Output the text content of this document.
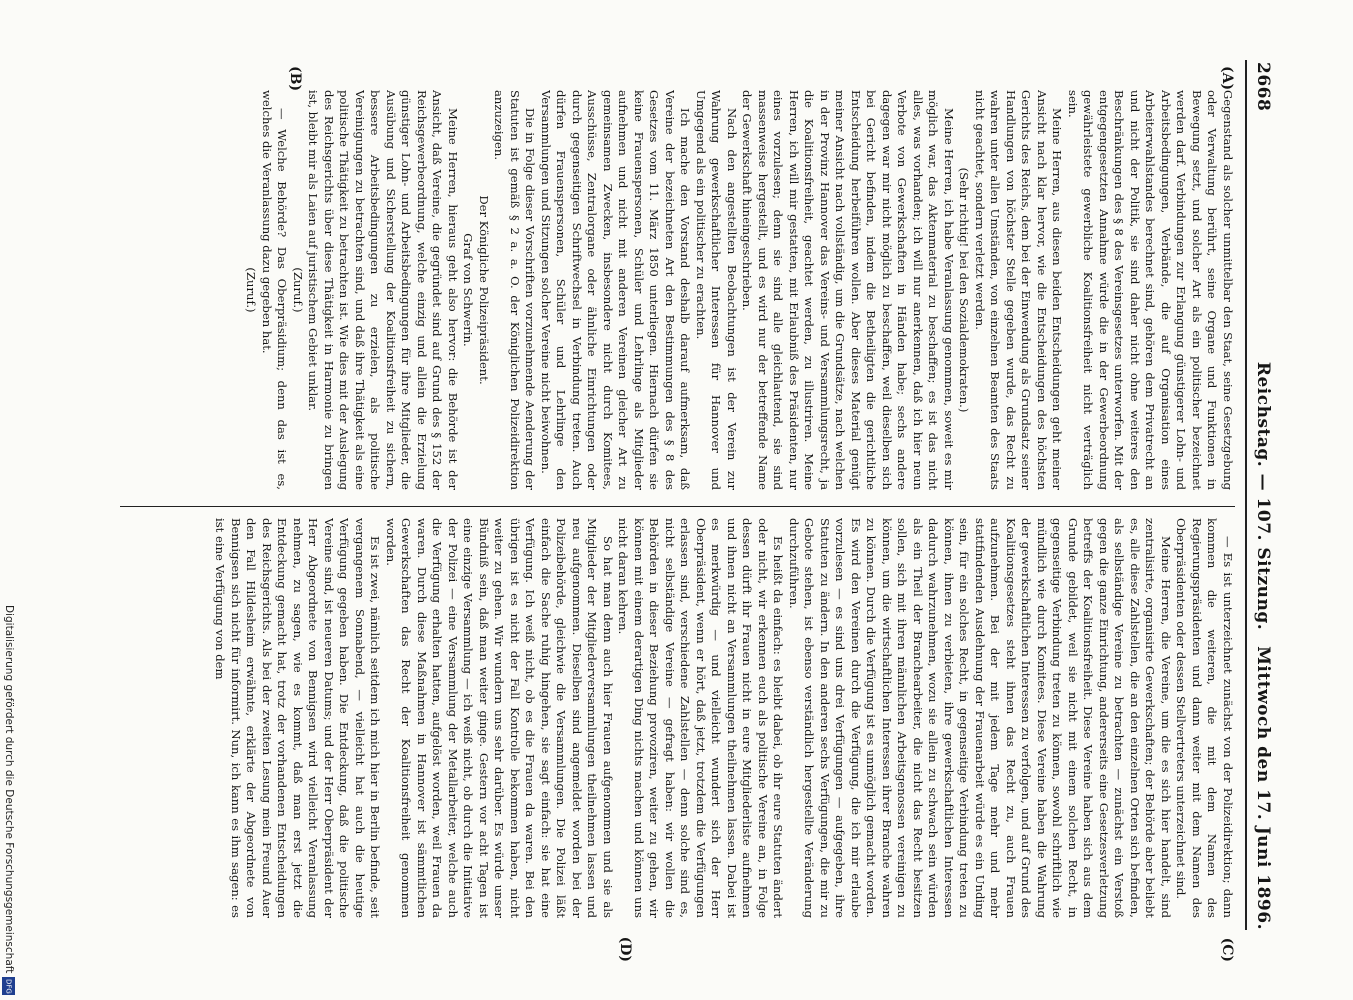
2668
Reichstag. — 107. Sitzung.
Mittwoch den 17. Juni 1896.
(A)
(B)
(C)
(D)

Gegenstand als solcher unmittelbar den Staat, seine Gesetzgebung oder Verwaltung berührt, seine Organe und Funktionen in Bewegung setzt, und solcher Art als ein politischer bezeichnet werden darf. Verbindungen zur Erlangung günstigerer Lohn- und Arbeitsbedingungen, Verbände, die auf Organisation eines Arbeiterwahlstandes berechnet sind, gehören dem Privatrecht an und nicht der Politik, sie sind daher nicht ohne weiteres den Beschränkungen des § 8 des Vereinsgesetzes unterworfen. Mit der entgegengesetzten Annahme würde die in der Gewerbeordnung gewährleistete gewerbliche Koalitionsfreiheit nicht verträglich sein.

Meine Herren, aus diesen beiden Entscheidungen geht meiner Ansicht nach klar hervor, wie die Entscheidungen des höchsten Gerichts des Reichs, dem bei der Einwendung als Grundsatz seiner Handlungen von höchster Stelle gegeben wurde, das Recht zu wahren unter allen Umständen, von einzelnen Beamten des Staats nicht geachtet, sondern verletzt werden.

(Sehr richtig! bei den Sozialdemokraten.)

Meine Herren, ich habe Veranlassung genommen, soweit es mir möglich war, das Aktenmaterial zu beschaffen; es ist das nicht alles, was vorhanden; ich will nur anerkennen, daß ich hier neun Verbote von Gewerkschaften in Händen habe; sechs andere dagegen war mir nicht möglich zu beschaffen, weil dieselben sich bei Gericht befinden, indem die Betheiligten die gerichtliche Entscheidung herbeiführen wollen. Aber dieses Material genügt meiner Ansicht nach vollständig, um die Grundsätze, nach welchen in der Provinz Hannover das Vereins- und Versammlungsrecht, ja die Koalitionsfreiheit, geachtet werden, zu illustriren. Meine Herren, ich will mir gestatten, mit Erlaubniß des Präsidenten, nur eines vorzulesen; denn sie sind alle gleichlautend, sie sind massenweise hergestellt, und es wird nur der betreffende Name der Gewerkschaft hineingeschrieben.

Nach den angestellten Beobachtungen ist der Verein zur Wahrung gewerkschaftlicher Interessen für Hannover und Umgegend als ein politischer zu erachten.

Ich mache den Vorstand deshalb darauf aufmerksam, daß Vereine der bezeichneten Art den Bestimmungen des § 8 des Gesetzes vom 11. März 1850 unterliegen. Hiernach dürfen sie keine Frauenspersonen, Schüler und Lehrlinge als Mitglieder aufnehmen und nicht mit anderen Vereinen gleicher Art zu gemeinsamen Zwecken, insbesondere nicht durch Komitees, Ausschüsse, Zentralorgane oder ähnliche Einrichtungen oder durch gegenseitigen Schriftwechsel in Verbindung treten. Auch dürfen Frauenspersonen, Schüler und Lehrlinge den Versammlungen und Sitzungen solcher Vereine nicht beiwohnen.

Die in Folge dieser Vorschriften vorzunehmende Aenderung der Statuten ist gemäß § 2 a. a. O. der Königlichen Polizeidirektion anzuzeigen.

Der Königliche Polizeipräsident.

Graf von Schwerin.

Meine Herren, hieraus geht also hervor: die Behörde ist der Ansicht, daß Vereine, die gegründet sind auf Grund des § 152 der Reichsgewerbeordnung, welche einzig und allein die Erzielung günstiger Lohn- und Arbeitsbedingungen für ihre Mitglieder, die Ausübung und Sicherstellung der Koalitionsfreiheit zu sichern, bessere Arbeitsbedingungen zu erzielen, als politische Vereinigungen zu betrachten sind, und daß ihre Thätigkeit als eine politische Thätigkeit zu betrachten ist. Wie dies mit der Auslegung des Reichsgerichts über diese Thätigkeit in Harmonie zu bringen ist, bleibt mir als Laien auf juristischem Gebiet unklar.

(Zuruf.)

— Welche Behörde? Das Oberpräsidium; denn das ist es, welches die Veranlassung dazu gegeben hat.

(Zuruf.)

— Es ist unterzeichnet zunächst von der Polizeidirektion; dann kommen die weiteren, die mit dem Namen des Regierungspräsidenten und dann weiter mit dem Namen des Oberpräsidenten oder dessen Stellvertreters unterzeichnet sind.

Meine Herren, die Vereine, um die es sich hier handelt, sind zentralisirte, organisirte Gewerkschaften; der Behörde aber beliebt es, alle diese Zahlstellen, die an den einzelnen Orten sich befinden, als selbständige Vereine zu betrachten — zunächst ein Verstoß gegen die ganze Einrichtung, andererseits eine Gesetzesverletzung betreffs der Koalitionsfreiheit. Diese Vereine haben sich aus dem Grunde gebildet, weil sie nicht mit einem solchen Recht, in gegenseitige Verbindung treten zu können, sowohl schriftlich wie mündlich wie durch Komitees. Diese Vereine haben die Wahrung der gewerkschaftlichen Interessen zu verfolgen, und auf Grund des Koalitionsgesetzes steht ihnen das Recht zu, auch Frauen aufzunehmen. Bei der mit jedem Tage mehr und mehr stattfindenden Ausdehnung der Frauenarbeit würde es ein Unding sein, für ein solches Recht, in gegenseitige Verbindung treten zu können, ihnen zu verbieten, ihre gewerkschaftlichen Interessen dadurch wahrzunehmen, wozu sie allein zu schwach sein würden als ein Theil der Branchearbeiter, die nicht das Recht besitzen sollen, sich mit ihren männlichen Arbeitsgenossen vereinigen zu können, um die wirtschaftlichen Interessen ihrer Branche wahren zu können. Durch die Verfügung ist es unmöglich gemacht worden. Es wird den Vereinen durch die Verfügung, die ich mir erlaube vorzulesen — es sind uns drei Verfügungen — aufgegeben, ihre Statuten zu ändern. In den anderen sechs Verfügungen, die mir zu Gebote stehen, ist ebenso verständlich hergestellte Veränderung durchzuführen.

Es heißt da einfach: es bleibt dabei, ob ihr eure Statuten ändert oder nicht, wir erkennen euch als politische Vereine an, in Folge dessen dürft ihr Frauen nicht in eure Mitgliederliste aufnehmen und ihnen nicht an Versammlungen theilnehmen lassen. Dabei ist es merkwürdig — und vielleicht wundert sich der Herr Oberpräsident, wenn er hört, daß jetzt, trotzdem die Verfügungen erlassen sind, verschiedene Zahlstellen — denn solche sind es, nicht selbständige Vereine — gefragt haben: wir wollen die Behörden in dieser Beziehung provoziren, weiter zu gehen, wir können mit einem derartigen Ding nichts machen und können uns nicht daran kehren.

So hat man denn auch hier Frauen aufgenommen und sie als Mitglieder der Mitgliederversammlungen theilnehmen lassen und neu aufgenommen. Dieselben sind angemeldet worden bei der Polizeibehörde, gleichwie die Versammlungen. Die Polizei läßt einfach die Sache ruhig hingehen, sie sagt einfach: sie hat eine Verfügung. Ich weiß nicht, ob es die Frauen da waren. Bei den übrigen ist es nicht der Fall Kontrolle bekommen haben, nicht weiter zu gehen. Wir wundern uns sehr darüber. Es würde unser Bündniß sein, daß man weiter ginge. Gestern vor acht Tagen ist eine einzige Versammlung — ich weiß nicht, ob durch die Initiative der Polizei — eine Versammlung der Metallarbeiter, welche auch die Verfügung erhalten hatten, aufgelöst worden, weil Frauen da waren. Durch diese Maßnahmen in Hannover ist sämmtlichen Gewerkschaften das Recht der Koalitionsfreiheit genommen worden.

Es ist zwei, nämlich seitdem ich mich hier in Berlin befinde, seit vergangenem Sonnabend, — vielleicht hat auch die heutige Verfügung gegeben haben. Die Entdeckung, daß die politische Vereine sind, ist neueren Datums; und der Herr Oberpräsident der Herr Abgeordnete von Bennigsen wird vielleicht Veranlassung nehmen, zu sagen, wie es kommt, daß man erst jetzt die Entdeckung gemacht hat, trotz der vorhandenen Entscheidungen des Reichsgerichts. Als bei der zweiten Lesung mein Freund Auer den Fall Hildesheim erwähnte, erklärte der Abgeordnete von Bennigsen sich nicht für informirt. Nun, ich kann es ihm sagen: es ist eine Verfügung von dem

Digitalisierung gefördert durch die Deutsche Forschungsgemeinschaft
DFG
